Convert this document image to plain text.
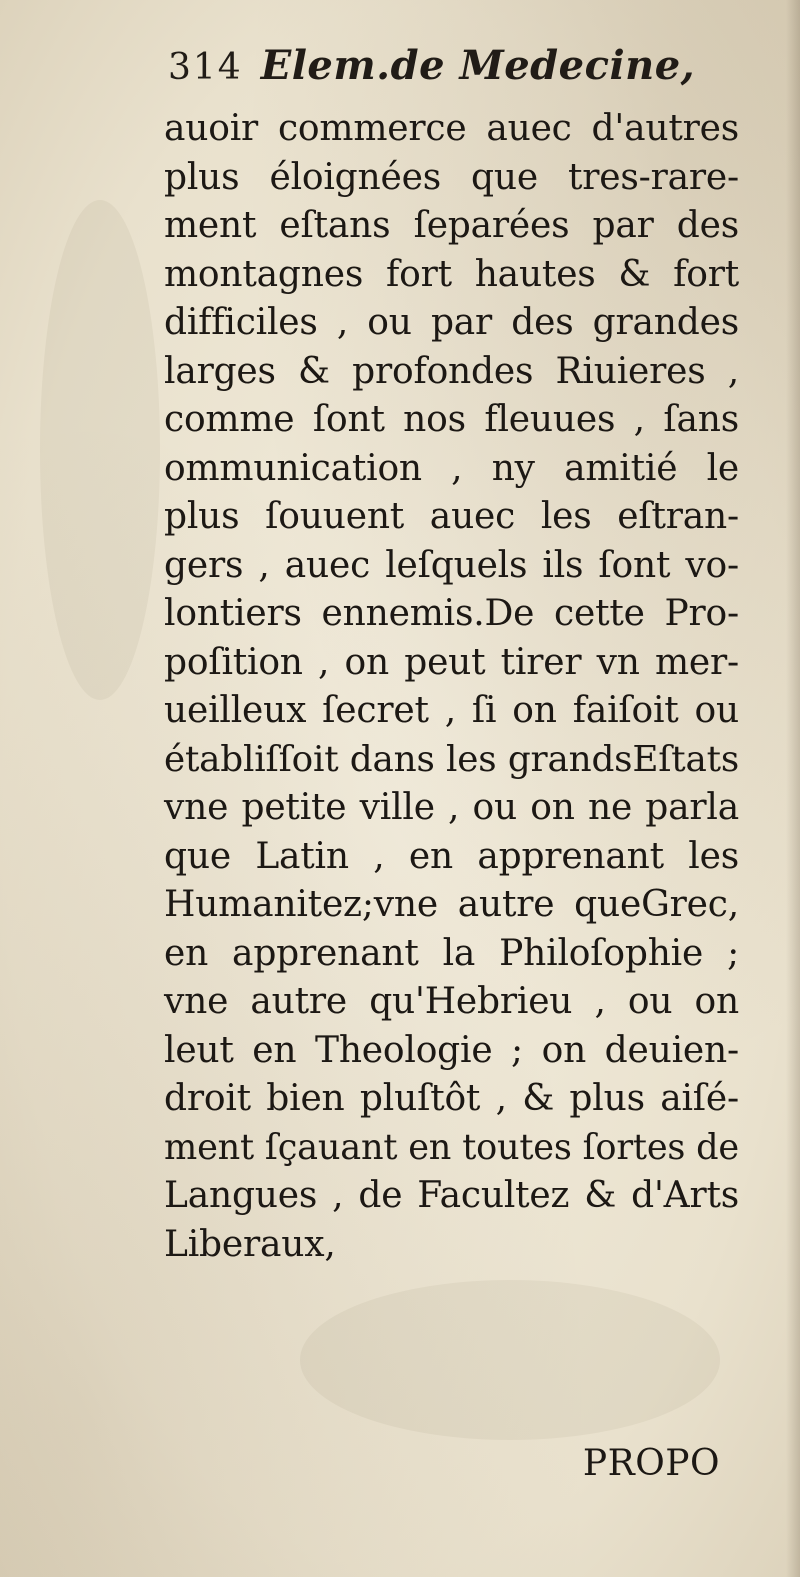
314 Elem.de Medecine,
auoir commerce auec d'autres
plus éloignées que tres-rare-
ment eſtans ſeparées par des
montagnes fort hautes & fort
difficiles , ou par des grandes
larges & profondes Riuieres ,
comme ſont nos fleuues , ſans
ommunication , ny amitié le
plus ſouuent auec les eſtran-
gers , auec leſquels ils ſont vo-
lontiers ennemis.De cette Pro-
poſition , on peut tirer vn mer-
ueilleux ſecret , ſi on faiſoit ou
établiſſoit dans les grandsEſtats
vne petite ville , ou on ne parla
que Latin , en apprenant les
Humanitez;vne autre queGrec,
en apprenant la Philoſophie ;
vne autre qu'Hebrieu , ou on
leut en Theologie ; on deuien-
droit bien pluſtôt , & plus aiſé-
ment ſçauant en toutes ſortes de
Langues , de Facultez & d'Arts
Liberaux,
PROPO
